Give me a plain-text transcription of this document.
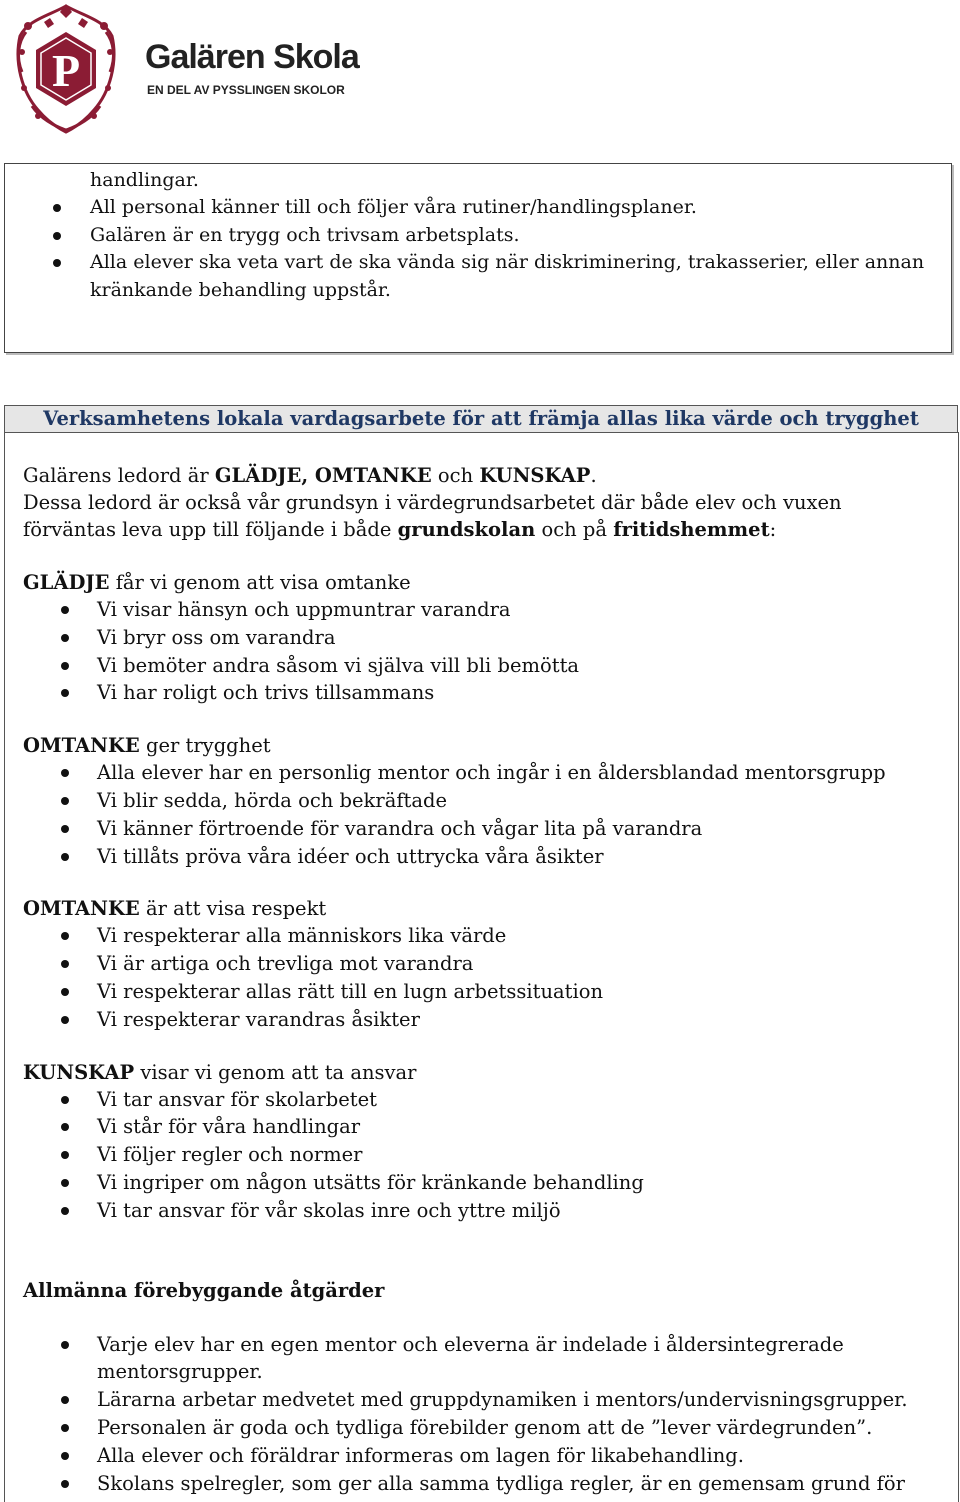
P Galären Skola
EN DEL AV PYSSLINGEN SKOLOR
handlingar.
All personal känner till och följer våra rutiner/handlingsplaner.
Galären är en trygg och trivsam arbetsplats.
Alla elever ska veta vart de ska vända sig när diskriminering, trakasserier, eller annan kränkande behandling uppstår.
Verksamhetens lokala vardagsarbete för att främja allas lika värde och trygghet

Galärens ledord är GLÄDJE, OMTANKE och KUNSKAP.

Dessa ledord är också vår grundsyn i värdegrundsarbetet där både elev och vuxen förväntas leva upp till följande i både grundskolan och på fritidshemmet:

GLÄDJE får vi genom att visa omtanke

Vi visar hänsyn och uppmuntrar varandra
Vi bryr oss om varandra
Vi bemöter andra såsom vi själva vill bli bemötta
Vi har roligt och trivs tillsammans

OMTANKE ger trygghet

Alla elever har en personlig mentor och ingår i en åldersblandad mentorsgrupp
Vi blir sedda, hörda och bekräftade
Vi känner förtroende för varandra och vågar lita på varandra
Vi tillåts pröva våra idéer och uttrycka våra åsikter

OMTANKE är att visa respekt

Vi respekterar alla människors lika värde
Vi är artiga och trevliga mot varandra
Vi respekterar allas rätt till en lugn arbetssituation
Vi respekterar varandras åsikter

KUNSKAP visar vi genom att ta ansvar

Vi tar ansvar för skolarbetet
Vi står för våra handlingar
Vi följer regler och normer
Vi ingriper om någon utsätts för kränkande behandling
Vi tar ansvar för vår skolas inre och yttre miljö

Allmänna förebyggande åtgärder

Varje elev har en egen mentor och eleverna är indelade i åldersintegrerade mentorsgrupper.
Lärarna arbetar medvetet med gruppdynamiken i mentors/undervisningsgrupper.
Personalen är goda och tydliga förebilder genom att de ”lever värdegrunden”.
Alla elever och föräldrar informeras om lagen för likabehandling.
Skolans spelregler, som ger alla samma tydliga regler, är en gemensam grund för
